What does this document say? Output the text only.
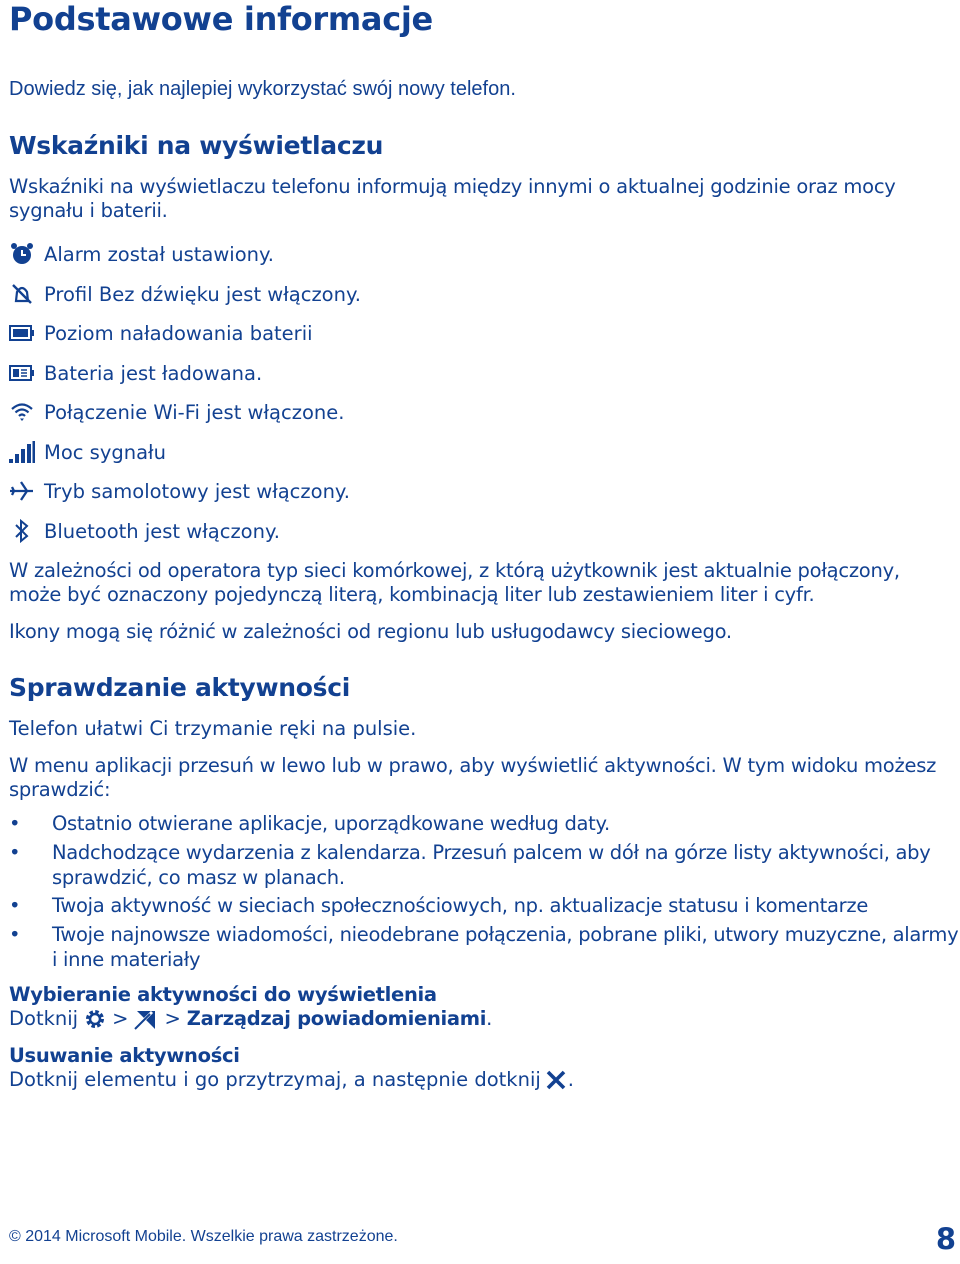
Podstawowe informacje
Dowiedz się, jak najlepiej wykorzystać swój nowy telefon.
Wskaźniki na wyświetlaczu
Wskaźniki na wyświetlaczu telefonu informują między innymi o aktualnej godzinie oraz mocy sygnału i baterii.
Alarm został ustawiony.
Profil Bez dźwięku jest włączony.
Poziom naładowania baterii
Bateria jest ładowana.
Połączenie Wi-Fi jest włączone.
Moc sygnału
Tryb samolotowy jest włączony.
Bluetooth jest włączony.
W zależności od operatora typ sieci komórkowej, z którą użytkownik jest aktualnie połączony, może być oznaczony pojedynczą literą, kombinacją liter lub zestawieniem liter i cyfr.
Ikony mogą się różnić w zależności od regionu lub usługodawcy sieciowego.
Sprawdzanie aktywności
Telefon ułatwi Ci trzymanie ręki na pulsie.
W menu aplikacji przesuń w lewo lub w prawo, aby wyświetlić aktywności. W tym widoku możesz sprawdzić:
• Ostatnio otwierane aplikacje, uporządkowane według daty.
• Nadchodzące wydarzenia z kalendarza. Przesuń palcem w dół na górze listy aktywności, aby sprawdzić, co masz w planach.
• Twoja aktywność w sieciach społecznościowych, np. aktualizacje statusu i komentarze
• Twoje najnowsze wiadomości, nieodebrane połączenia, pobrane pliki, utwory muzyczne, alarmy i inne materiały
Wybieranie aktywności do wyświetlenia
Dotknij > > Zarządzaj powiadomieniami .
Usuwanie aktywności
Dotknij elementu i go przytrzymaj, a następnie dotknij .
© 2014 Microsoft Mobile. Wszelkie prawa zastrzeżone.	8
